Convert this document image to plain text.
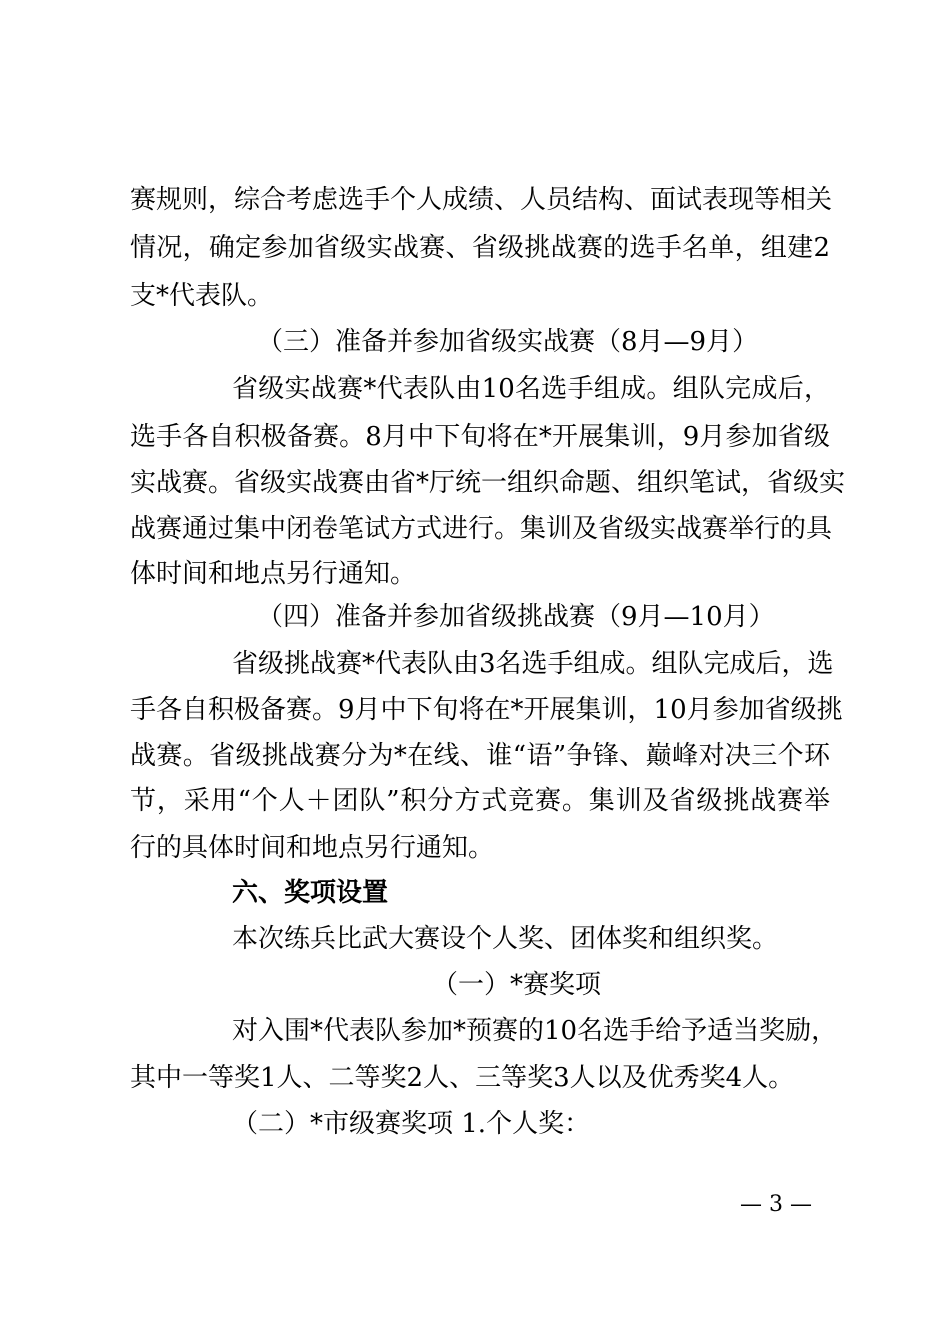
赛规则，综合考虑选手个人成绩、人员结构、面试表现等相关
情况，确定参加省级实战赛、省级挑战赛的选手名单，组建2
支*代表队。
（三）准备并参加省级实战赛（8月—9月）
省级实战赛*代表队由10名选手组成。组队完成后，
选手各自积极备赛。8月中下旬将在*开展集训，9月参加省级
实战赛。省级实战赛由省*厅统一组织命题、组织笔试，省级实
战赛通过集中闭卷笔试方式进行。集训及省级实战赛举行的具
体时间和地点另行通知。
（四）准备并参加省级挑战赛（9月—10月）
省级挑战赛*代表队由3名选手组成。组队完成后，选
手各自积极备赛。9月中下旬将在*开展集训，10月参加省级挑
战赛。省级挑战赛分为*在线、谁“语”争锋、巅峰对决三个环
节，采用“个人＋团队”积分方式竞赛。集训及省级挑战赛举
行的具体时间和地点另行通知。
六、奖项设置
本次练兵比武大赛设个人奖、团体奖和组织奖。
（一）*赛奖项
对入围*代表队参加*预赛的10名选手给予适当奖励，
其中一等奖1人、二等奖2人、三等奖3人以及优秀奖4人。
（二）*市级赛奖项 1.个人奖：
— 3 —
